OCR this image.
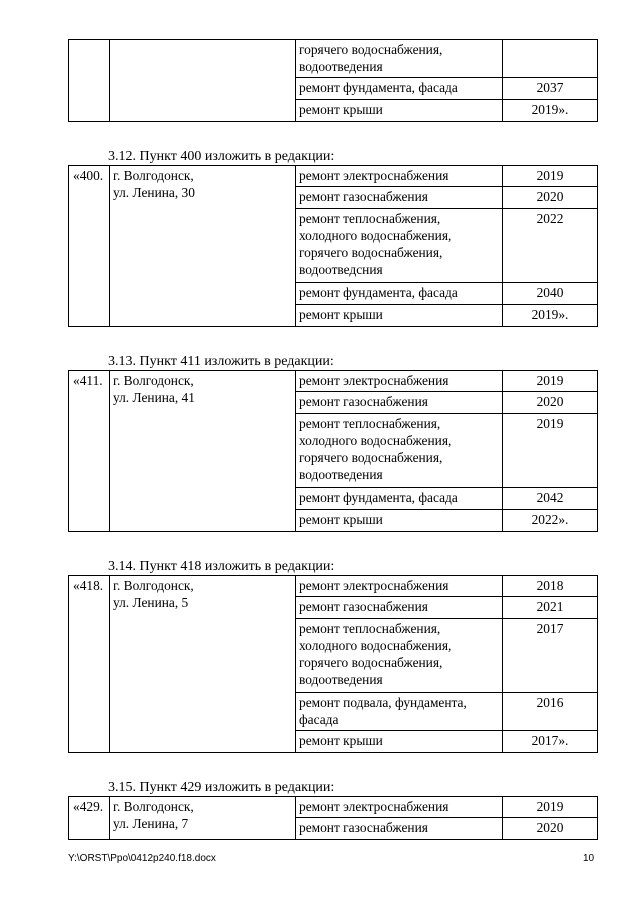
		горячего водоснабжения,
водоотведения	
		ремонт фундамента, фасада	2037
		ремонт крыши	2019».
3.12. Пункт 400 изложить в редакции:
«400.	г. Волгодонск,
ул. Ленина, 30	ремонт электроснабжения	2019
		ремонт газоснабжения	2020
		ремонт теплоснабжения,
холодного водоснабжения,
горячего водоснабжения,
водоотведсния	2022
		ремонт фундамента, фасада	2040
		ремонт крыши	2019».
3.13. Пункт 411 изложить в редакции:
«411.	г. Волгодонск,
ул. Ленина, 41	ремонт электроснабжения	2019
		ремонт газоснабжения	2020
		ремонт теплоснабжения,
холодного водоснабжения,
горячего водоснабжения,
водоотведения	2019
		ремонт фундамента, фасада	2042
		ремонт крыши	2022».
3.14. Пункт 418 изложить в редакции:
«418.	г. Волгодонск,
ул. Ленина, 5	ремонт электроснабжения	2018
		ремонт газоснабжения	2021
		ремонт теплоснабжения,
холодного водоснабжения,
горячего водоснабжения,
водоотведения	2017
		ремонт подвала, фундамента,
фасада	2016
		ремонт крыши	2017».
3.15. Пункт 429 изложить в редакции:
«429.	г. Волгодонск,
ул. Ленина, 7	ремонт электроснабжения	2019
		ремонт газоснабжения	2020
Y:\ORST\Ppo\0412p240.f18.docx	10
